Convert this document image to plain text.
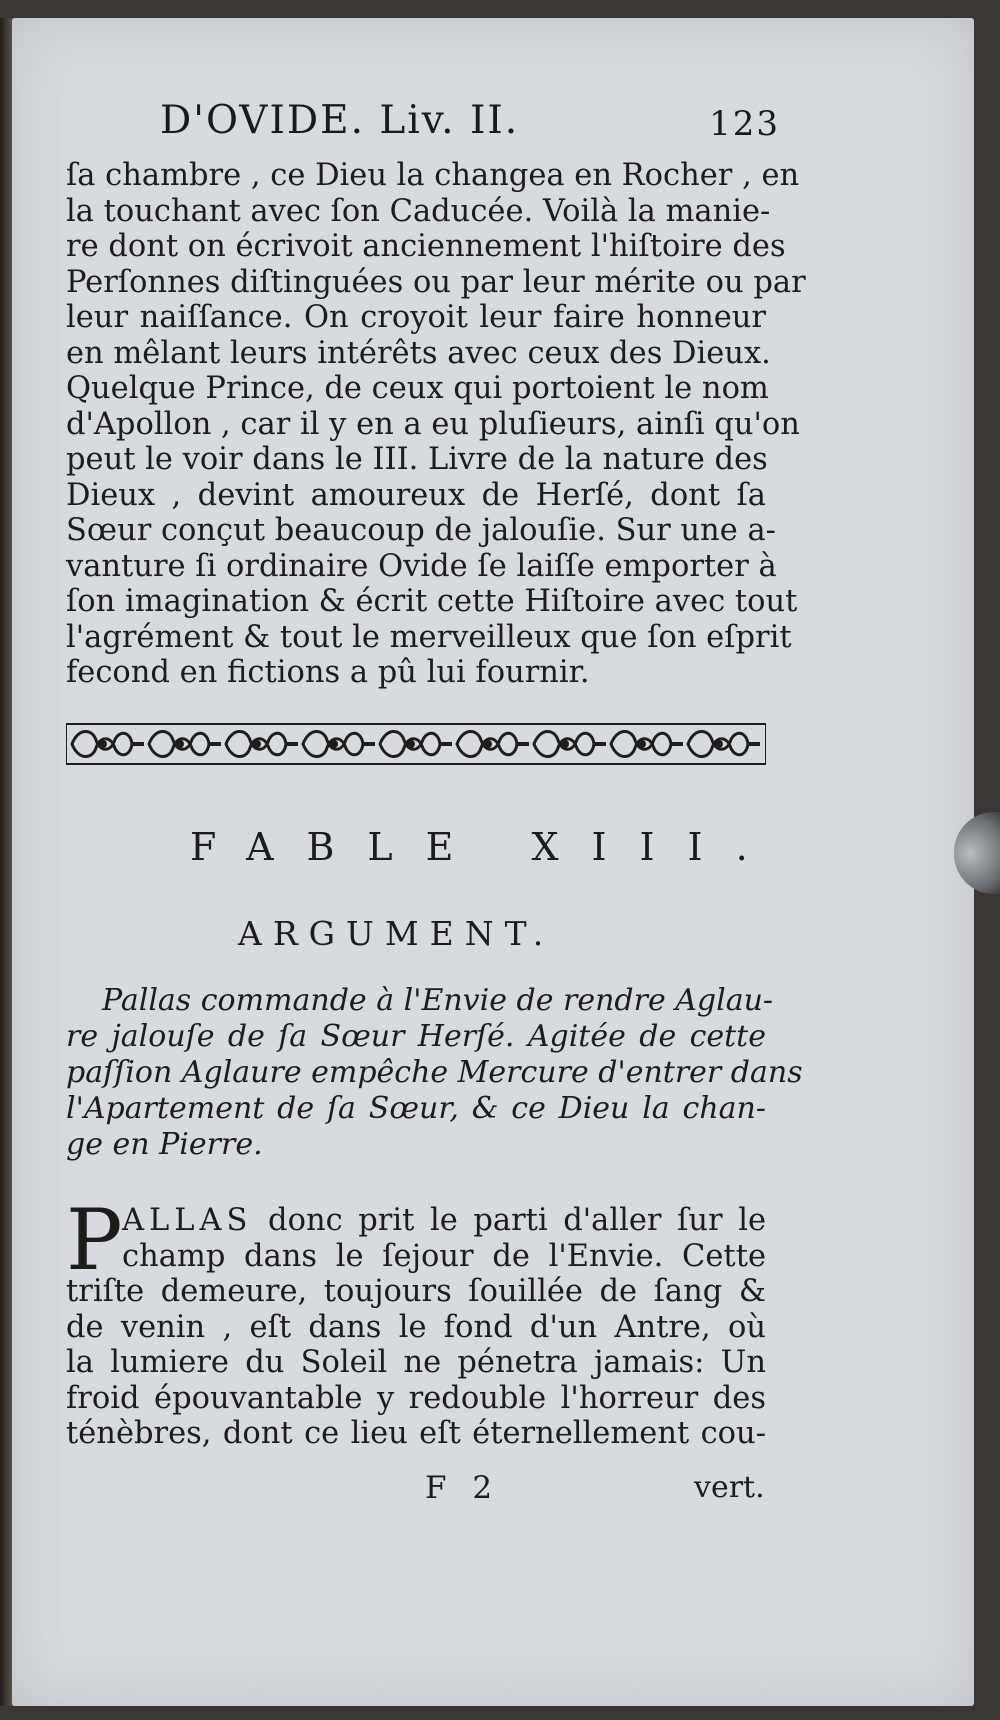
D'OVIDE. Liv. II.	123
ſa chambre , ce Dieu la changea en Rocher , en
la touchant avec ſon Caducée. Voilà la manie-
re dont on écrivoit anciennement l'hiſtoire des
Perſonnes diſtinguées ou par leur mérite ou par
leur naiſſance. On croyoit leur faire honneur
en mêlant leurs intérêts avec ceux des Dieux.
Quelque Prince, de ceux qui portoient le nom
d'Apollon , car il y en a eu pluſieurs, ainſi qu'on
peut le voir dans le III. Livre de la nature des
Dieux , devint amoureux de Herſé, dont ſa
Sœur conçut beaucoup de jalouſie. Sur une a-
vanture ſi ordinaire Ovide ſe laiſſe emporter à
ſon imagination & écrit cette Hiſtoire avec tout
l'agrément & tout le merveilleux que ſon eſprit
fecond en fictions a pû lui fournir.
FABLE XIII.
ARGUMENT.
Pallas commande à l'Envie de rendre Aglau-
re jalouſe de ſa Sœur Herſé. Agitée de cette
paſſion Aglaure empêche Mercure d'entrer dans
l'Apartement de ſa Sœur, & ce Dieu la chan-
ge en Pierre.
P ALLAS donc prit le parti d'aller ſur le
champ dans le ſejour de l'Envie. Cette
triſte demeure, toujours ſouillée de ſang &
de venin , eſt dans le fond d'un Antre, où
la lumiere du Soleil ne pénetra jamais: Un
froid épouvantable y redouble l'horreur des
ténèbres, dont ce lieu eſt éternellement cou-
F 2	vert.
